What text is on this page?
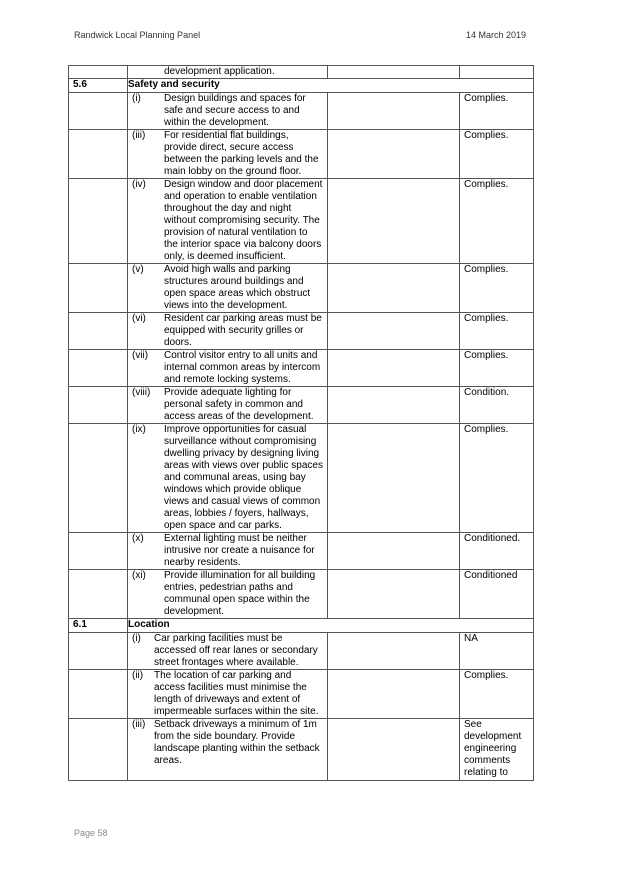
Randwick Local Planning Panel	14 March 2019

	development application.		

5.6	Safety and security		

	(i) Design buildings and spaces for safe and secure access to and within the development.		Complies.

	(iii) For residential flat buildings, provide direct, secure access between the parking levels and the main lobby on the ground floor.		Complies.

	(iv) Design window and door placement and operation to enable ventilation throughout the day and night without compromising security. The provision of natural ventilation to the interior space via balcony doors only, is deemed insufficient.		Complies.

	(v) Avoid high walls and parking structures around buildings and open space areas which obstruct views into the development.		Complies.

	(vi) Resident car parking areas must be equipped with security grilles or doors.		Complies.

	(vii) Control visitor entry to all units and internal common areas by intercom and remote locking systems.		Complies.

	(viii) Provide adequate lighting for personal safety in common and access areas of the development.		Condition.

	(ix) Improve opportunities for casual surveillance without compromising dwelling privacy by designing living areas with views over public spaces and communal areas, using bay windows which provide oblique views and casual views of common areas, lobbies / foyers, hallways, open space and car parks.		Complies.

	(x) External lighting must be neither intrusive nor create a nuisance for nearby residents.		Conditioned.

	(xi) Provide illumination for all building entries, pedestrian paths and communal open space within the development.		Conditioned
6.1	Location		

	(i) Car parking facilities must be accessed off rear lanes or secondary street frontages where available.		NA

	(ii) The location of car parking and access facilities must minimise the length of driveways and extent of impermeable surfaces within the site.		Complies.

	(iii) Setback driveways a minimum of 1m from the side boundary. Provide landscape planting within the setback areas.		See development engineering comments relating to
Page 58
